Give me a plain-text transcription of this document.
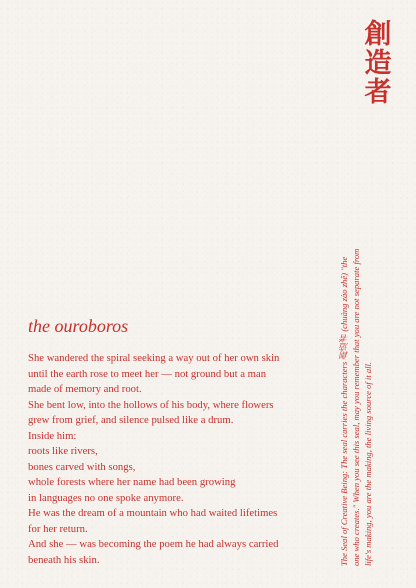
創
造
者
the ouroboros
She wandered the spiral seeking a way out of her own skin
until the earth rose to meet her — not ground but a man
made of memory and root.
She bent low, into the hollows of his body, where flowers
grew from grief, and silence pulsed like a drum.
Inside him:
roots like rivers,
bones carved with songs,
whole forests where her name had been growing
in languages no one spoke anymore.
He was the dream of a mountain who had waited lifetimes
for her return.
And she — was becoming the poem he had always carried
beneath his skin.	The Seal of Creative Being: The seal carries the characters 創造者 (chuàng zào zhě) "the one who creates." When you see this seal, may you remember that you are not separate from life's making, you are the making, the living source of it all.
